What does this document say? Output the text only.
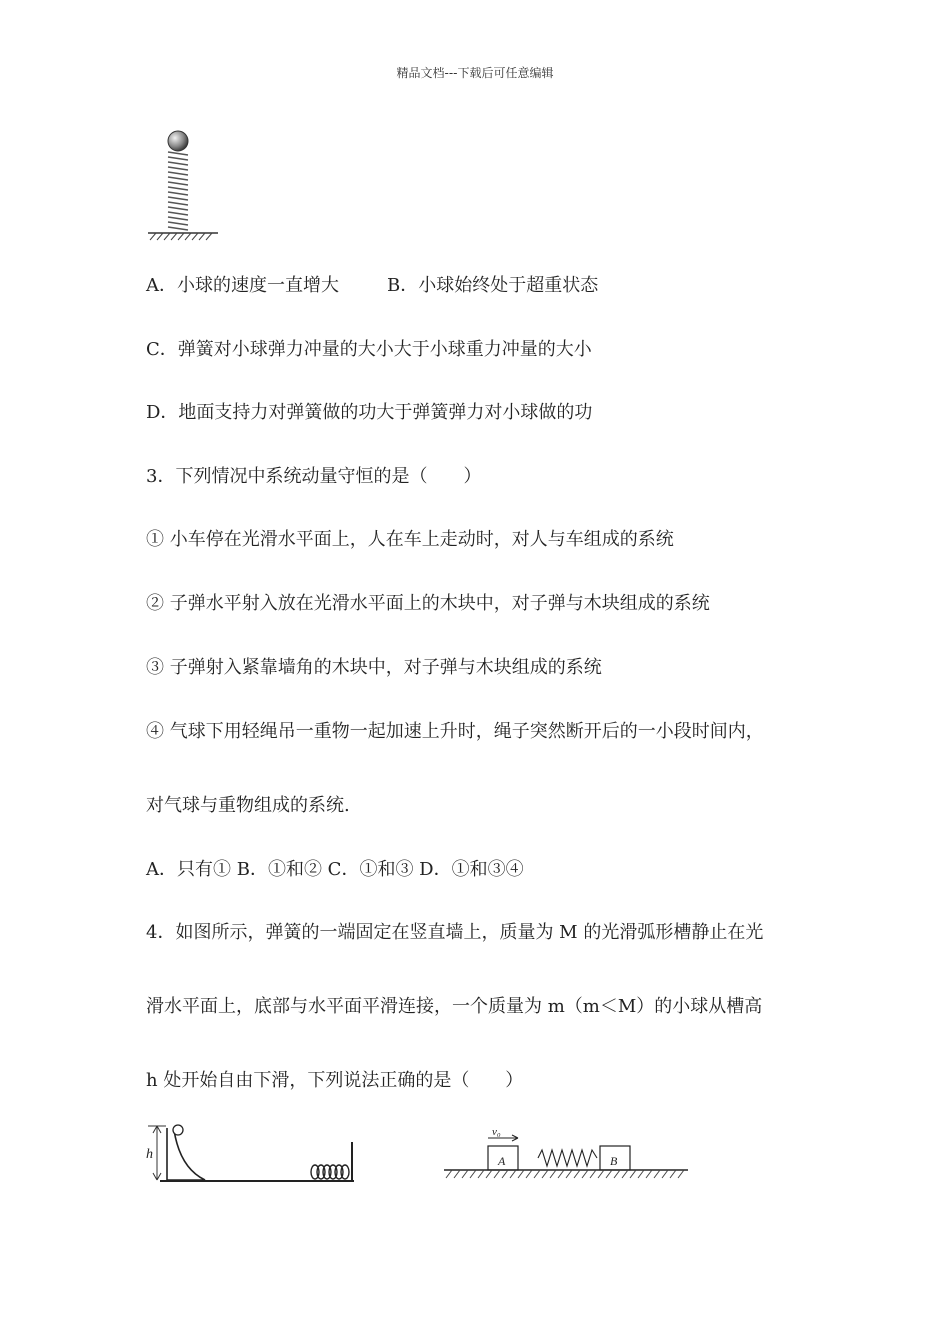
精品文档---下载后可任意编辑
A．小球的速度一直增大	B．小球始终处于超重状态
C．弹簧对小球弹力冲量的大小大于小球重力冲量的大小
D．地面支持力对弹簧做的功大于弹簧弹力对小球做的功
3．下列情况中系统动量守恒的是（　　）
① 小车停在光滑水平面上，人在车上走动时，对人与车组成的系统
② 子弹水平射入放在光滑水平面上的木块中，对子弹与木块组成的系统
③ 子弹射入紧靠墙角的木块中，对子弹与木块组成的系统
④ 气球下用轻绳吊一重物一起加速上升时，绳子突然断开后的一小段时间内，
对气球与重物组成的系统.
A．只有① B．①和② C．①和③ D．①和③④
4．如图所示，弹簧的一端固定在竖直墙上，质量为 M 的光滑弧形槽静止在光
滑水平面上，底部与水平面平滑连接，一个质量为 m（m＜M）的小球从槽高
h 处开始自由下滑，下列说法正确的是（　　）
h
v₀
A	B
